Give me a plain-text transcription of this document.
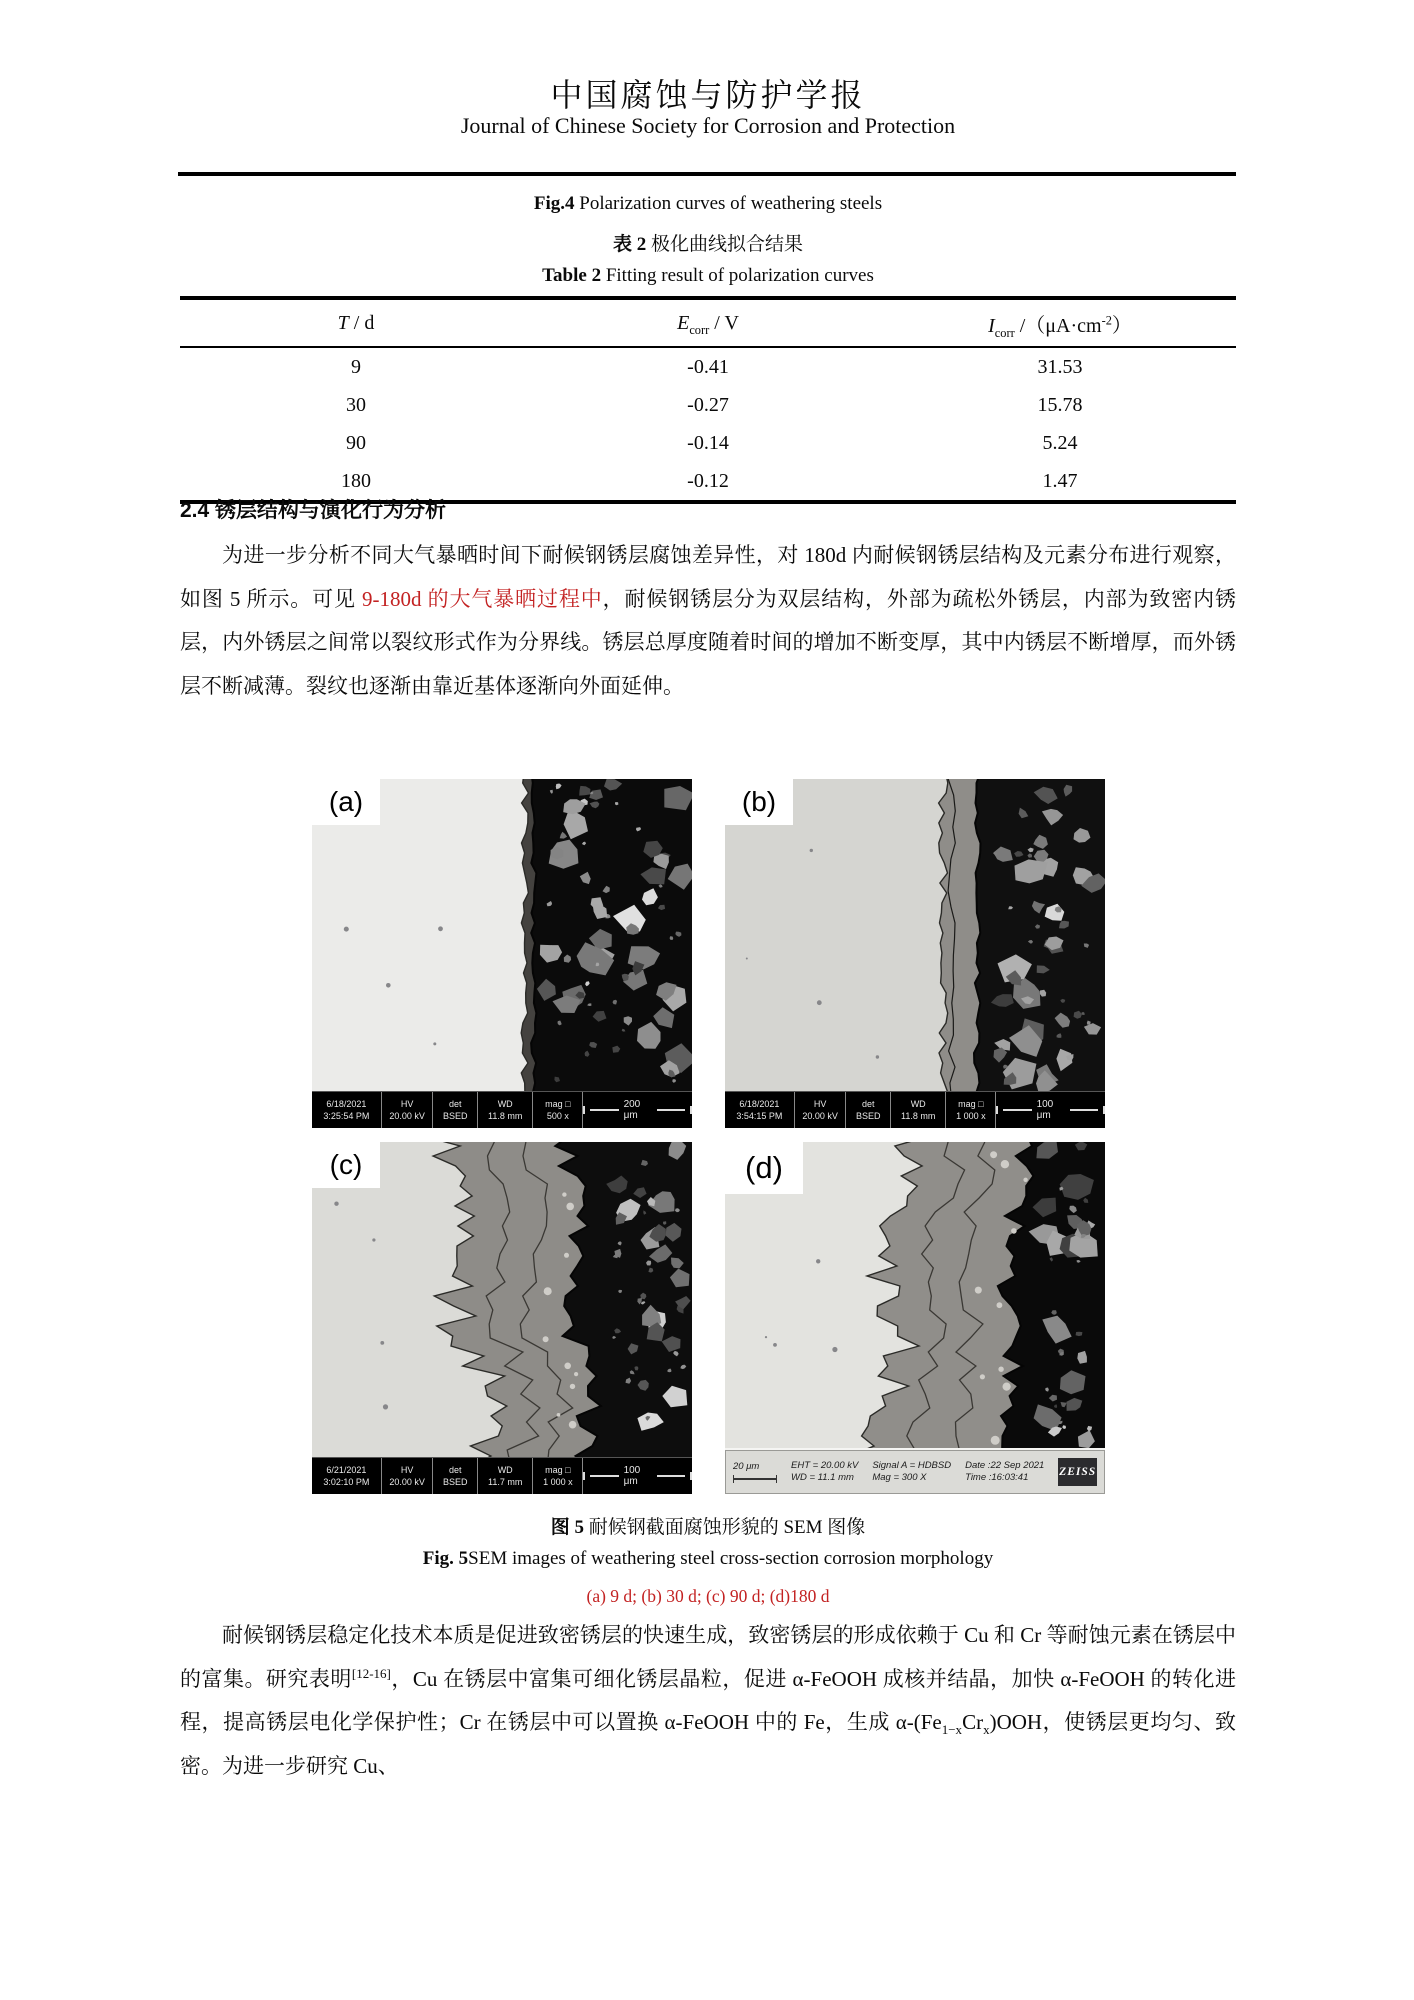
中国腐蚀与防护学报
Journal of Chinese Society for Corrosion and Protection
Fig.4 Polarization curves of weathering steels
表 2 极化曲线拟合结果
Table 2 Fitting result of polarization curves
T / d	$E_{corr}$ / V	$I_{corr}$ $/(\mu A\cdot cm^{-2})$
9	-0.41	31.53
30	-0.27	15.78
90	-0.14	5.24
180	-0.12	1.47
2.4 锈层结构与演化行为分析

为进一步分析不同大气暴晒时间下耐候钢锈层腐蚀差异性，对 180d 内耐候钢锈层结构及元素分布进行观察，如图 5 所示。可见 9-180d 的大气暴晒过程中，耐候钢锈层分为双层结构，外部为疏松外锈层，内部为致密内锈层，内外锈层之间常以裂纹形式作为分界线。锈层总厚度随着时间的增加不断变厚，其中内锈层不断增厚，而外锈层不断减薄。裂纹也逐渐由靠近基体逐渐向外面延伸。

(a)
6/18/2021
3:25:54 PM
HV
20.00 kV
det
BSED
WD
11.8 mm
mag □
500 x
200 μm
(b)
6/18/2021
3:54:15 PM
HV
20.00 kV
det
BSED
WD
11.8 mm
mag □
1 000 x
100 μm
(c)
6/21/2021
3:02:10 PM
HV
20.00 kV
det
BSED
WD
11.7 mm
mag □
1 000 x
100 μm
(d)
20 μm	EHT = 20.00 kV
WD = 11.1 mm
Signal A = HDBSD
Mag = 300 X
Date :22 Sep 2021
Time :16:03:41	ZEISS
图 5 耐候钢截面腐蚀形貌的 SEM 图像
Fig. 5SEM images of weathering steel cross-section corrosion morphology
(a) 9 d; (b) 30 d; (c) 90 d; (d)180 d

耐候钢锈层稳定化技术本质是促进致密锈层的快速生成，致密锈层的形成依赖于 Cu 和 Cr 等耐蚀元素在锈层中的富集。研究表明[12-16]，Cu 在锈层中富集可细化锈层晶粒，促进 α-FeOOH 成核并结晶，加快 α-FeOOH 的转化进程，提高锈层电化学保护性；Cr 在锈层中可以置换 α-FeOOH 中的 Fe，生成 $\alpha-(Fe_{1-x}Cr_x)OOH$，使锈层更均匀、致密。为进一步研究 Cu、
